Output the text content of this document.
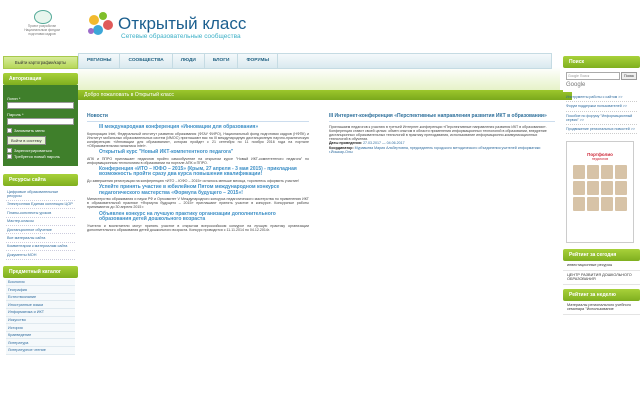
Проект разработан Национальным фондом подготовки кадров
Открытый класс
Сетевые образовательные сообщества
РЕГИОНЫ	СООБЩЕСТВА	ЛЮДИ	БЛОГИ	ФОРУМЫ
Выйти картографии/карты
Авторизация
Логин *
Пароль *
Запомнить меня
Войти в систему
Зарегистрироваться
Требуется новый пароль
Ресурсы сайта
Цифровые образовательные ресурсы
Электронная Единая коллекция ЦОР
Планы-конспекты уроков
Мастер-классы
Дистанционное обучение
Все материалы сайта
Комментарии к материалам сайта
Документы МОН
Предметный каталог
Биология
География
Естествознание
Иностранные языки
Информатика и ИКТ
Искусство
История
Краеведение
Литература
Литературное чтение
Добро пожаловать в Открытый класс
Новости
III международная конференция «Инновации для образования»
Корпорация Intel, Федеральный институт развития образования (ФГАУ ФИРО), Национальный фонд подготовки кадров (НФПК) и Институт мобильных образовательных систем (ИМОС) приглашают вас на III международную дистанционную научно-практическую конференцию «Инновации для образования», которая пройдет с 21 сентября по 11 ноября 2016 года на портале «Образовательная галактика Intel».
Открытый курс "Новый ИКТ-компетентного педагога"
АПК и ППРО приглашает педагогов пройти самообучение на открытом курсе "Новый ИКТ-компетентного педагога" по информационным технологиям в образовании на портале АПК и ППРО.
Конференция «ИТО – ЮФО – 2015» (Крым, 27 апреля - 3 мая 2015) - прикладная возможность пройти сразу два курса повышения квалификации!
До завершения регистрации на конференцию «ИТО – ЮФО – 2015» осталось меньше месяца, торопитесь оформить участие!
Успейте принять участие в юбилейном Пятом международном конкурсе педагогического мастерства «Формула будущего – 2015»!
Министерство образования и науки РФ и Оргкомитет V Международного конкурса педагогического мастерства по применению ИКТ в образовательной практике «Формула будущего – 2015» приглашают принять участие в конкурсе. Конкурсные работы принимаются до 30 апреля 2015 г.
Объявлен конкурс на лучшую практику организации дополнительного образования детей дошкольного возраста
Учителя и воспитатели могут принять участие в открытом всероссийском конкурсе на лучшую практику организации дополнительного образования детей дошкольного возраста. Конкурс проводится с 11.11.2014 по 04.12.2014г.
III Интернет-конференция «Перспективные направления развития ИКТ в образовании»
Приглашаем педагогов к участию в третьей Интернет-конференции «Перспективные направления развития ИКТ в образовании».
Конференция ставит своей целью: обмен опытом в области применения информационных технологий в образовании, внедрение дистанционных образовательных технологий в практику преподавания, использование информационно-коммуникационных технологий в обучении.
Даты проведения: 27.03.2017 — 04.06.2017
Координатор: Муравьева Мария Альбертовна, председатель городского методического объединения учителей информатики г.Йошкар-Олы
Поиск
Google Поиск	Поиск
Google
Инструменты работы с сайтом >>
Форум поддержки пользователей >>
Пособие по форуму "Информационный сервис" >>
Продвижение региональных новостей >>
Портфолио
педагогов
Рейтинг за сегодня
инвестиционные ресурсы
ЦЕНТР РАЗВИТИЯ ДОШКОЛЬНОГО ОБРАЗОВАНИЯ
Рейтинг за неделю
Материалы регионального учебного семинара "Использование
